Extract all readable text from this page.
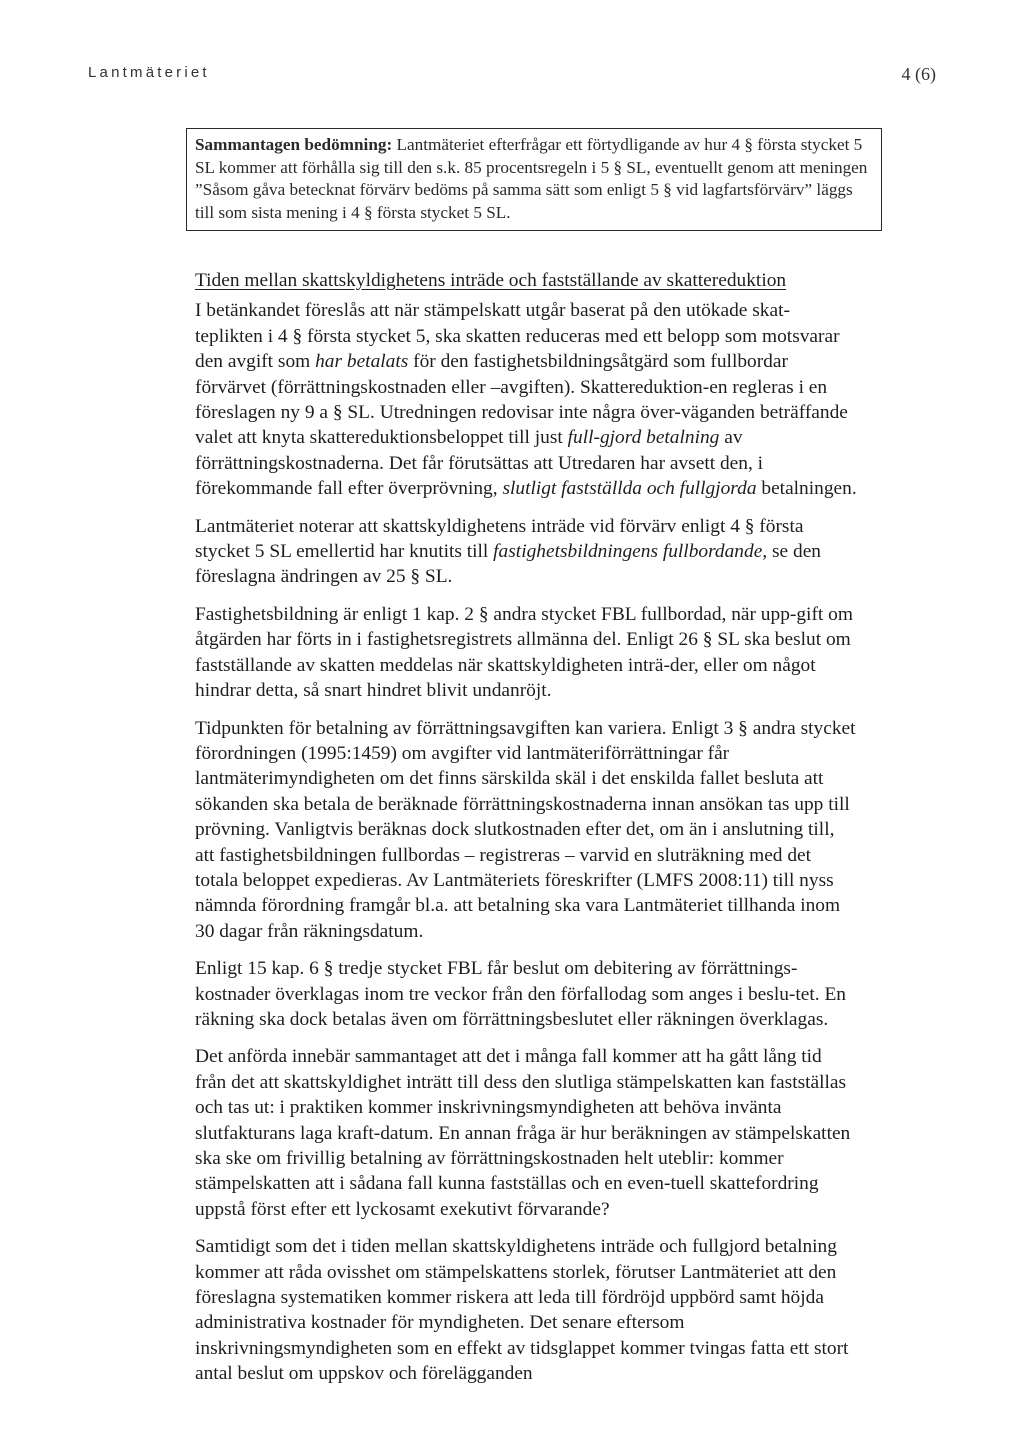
Lantmäteriet	4 (6)
Sammantagen bedömning: Lantmäteriet efterfrågar ett förtydligande av hur 4 § första stycket 5 SL kommer att förhålla sig till den s.k. 85 procentsregeln i 5 § SL, eventuellt genom att meningen ”Såsom gåva betecknat förvärv bedöms på samma sätt som enligt 5 § vid lagfartsförvärv” läggs till som sista mening i 4 § första stycket 5 SL.
Tiden mellan skattskyldighetens inträde och fastställande av skattereduktion

I betänkandet föreslås att när stämpelskatt utgår baserat på den utökade skat-teplikten i 4 § första stycket 5, ska skatten reduceras med ett belopp som motsvarar den avgift som har betalats för den fastighetsbildningsåtgärd som fullbordar förvärvet (förrättningskostnaden eller –avgiften). Skattereduktion-en regleras i en föreslagen ny 9 a § SL. Utredningen redovisar inte några över-väganden beträffande valet att knyta skattereduktionsbeloppet till just full-gjord betalning av förrättningskostnaderna. Det får förutsättas att Utredaren har avsett den, i förekommande fall efter överprövning, slutligt fastställda och fullgjorda betalningen.

Lantmäteriet noterar att skattskyldighetens inträde vid förvärv enligt 4 § första stycket 5 SL emellertid har knutits till fastighetsbildningens fullbordande, se den föreslagna ändringen av 25 § SL.

Fastighetsbildning är enligt 1 kap. 2 § andra stycket FBL fullbordad, när upp-gift om åtgärden har förts in i fastighetsregistrets allmänna del. Enligt 26 § SL ska beslut om fastställande av skatten meddelas när skattskyldigheten inträ-der, eller om något hindrar detta, så snart hindret blivit undanröjt.

Tidpunkten för betalning av förrättningsavgiften kan variera. Enligt 3 § andra stycket förordningen (1995:1459) om avgifter vid lantmäteriförrättningar får lantmäterimyndigheten om det finns särskilda skäl i det enskilda fallet besluta att sökanden ska betala de beräknade förrättningskostnaderna innan ansökan tas upp till prövning. Vanligtvis beräknas dock slutkostnaden efter det, om än i anslutning till, att fastighetsbildningen fullbordas – registreras – varvid en sluträkning med det totala beloppet expedieras. Av Lantmäteriets föreskrifter (LMFS 2008:11) till nyss nämnda förordning framgår bl.a. att betalning ska vara Lantmäteriet tillhanda inom 30 dagar från räkningsdatum.

Enligt 15 kap. 6 § tredje stycket FBL får beslut om debitering av förrättnings-kostnader överklagas inom tre veckor från den förfallodag som anges i beslu-tet. En räkning ska dock betalas även om förrättningsbeslutet eller räkningen överklagas.

Det anförda innebär sammantaget att det i många fall kommer att ha gått lång tid från det att skattskyldighet inträtt till dess den slutliga stämpelskatten kan fastställas och tas ut: i praktiken kommer inskrivningsmyndigheten att behöva invänta slutfakturans laga kraft-datum. En annan fråga är hur beräkningen av stämpelskatten ska ske om frivillig betalning av förrättningskostnaden helt uteblir: kommer stämpelskatten att i sådana fall kunna fastställas och en even-tuell skattefordring uppstå först efter ett lyckosamt exekutivt förvarande?

Samtidigt som det i tiden mellan skattskyldighetens inträde och fullgjord betalning kommer att råda ovisshet om stämpelskattens storlek, förutser Lantmäteriet att den föreslagna systematiken kommer riskera att leda till fördröjd uppbörd samt höjda administrativa kostnader för myndigheten. Det senare eftersom inskrivningsmyndigheten som en effekt av tidsglappet kommer tvingas fatta ett stort antal beslut om uppskov och förelägganden
